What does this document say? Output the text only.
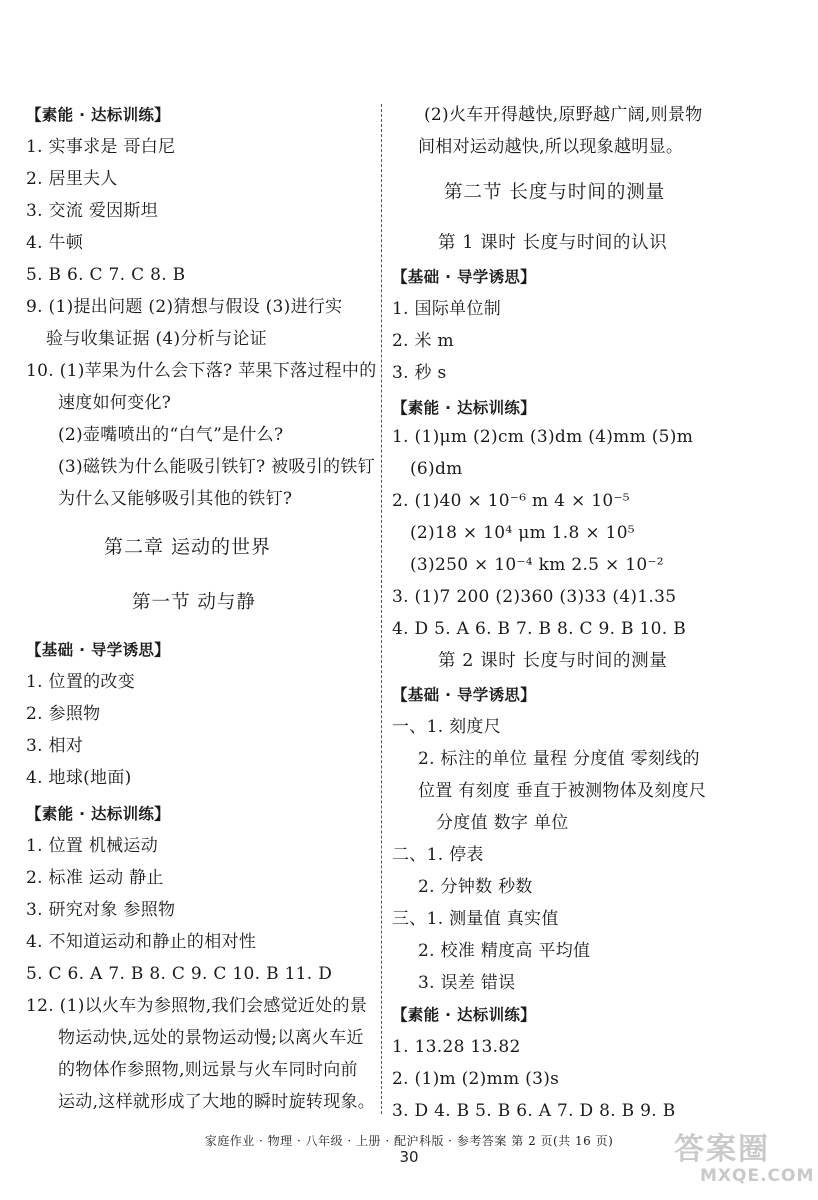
【素能 · 达标训练】
1. 实事求是 哥白尼
2. 居里夫人
3. 交流 爱因斯坦
4. 牛顿
5. B 6. C 7. C 8. B
9. (1)提出问题 (2)猜想与假设 (3)进行实
验与收集证据 (4)分析与论证
10. (1)苹果为什么会下落? 苹果下落过程中的
速度如何变化?
(2)壶嘴喷出的“白气”是什么?
(3)磁铁为什么能吸引铁钉? 被吸引的铁钉
为什么又能够吸引其他的铁钉?
第二章 运动的世界
第一节 动与静
【基础 · 导学诱思】
1. 位置的改变
2. 参照物
3. 相对
4. 地球(地面)
【素能 · 达标训练】
1. 位置 机械运动
2. 标准 运动 静止
3. 研究对象 参照物
4. 不知道运动和静止的相对性
5. C 6. A 7. B 8. C 9. C 10. B 11. D
12. (1)以火车为参照物,我们会感觉近处的景
物运动快,远处的景物运动慢;以离火车近
的物体作参照物,则远景与火车同时向前
运动,这样就形成了大地的瞬时旋转现象。
(2)火车开得越快,原野越广阔,则景物
间相对运动越快,所以现象越明显。
第二节 长度与时间的测量
第 1 课时 长度与时间的认识
【基础 · 导学诱思】
1. 国际单位制
2. 米 m
3. 秒 s
【素能 · 达标训练】
1. (1)μm (2)cm (3)dm (4)mm (5)m
(6)dm
2. (1)40 × 10⁻⁶ m 4 × 10⁻⁵
(2)18 × 10⁴ μm 1.8 × 10⁵
(3)250 × 10⁻⁴ km 2.5 × 10⁻²
3. (1)7 200 (2)360 (3)33 (4)1.35
4. D 5. A 6. B 7. B 8. C 9. B 10. B
第 2 课时 长度与时间的测量
【基础 · 导学诱思】
一、1. 刻度尺
2. 标注的单位 量程 分度值 零刻线的
位置 有刻度 垂直于被测物体及刻度尺
分度值 数字 单位
二、1. 停表
2. 分钟数 秒数
三、1. 测量值 真实值
2. 校准 精度高 平均值
3. 误差 错误
【素能 · 达标训练】
1. 13.28 13.82
2. (1)m (2)mm (3)s
3. D 4. B 5. B 6. A 7. D 8. B 9. B
家庭作业 · 物理 · 八年级 · 上册 · 配沪科版 · 参考答案 第 2 页(共 16 页)
30	答案圈
MXQE.COM
